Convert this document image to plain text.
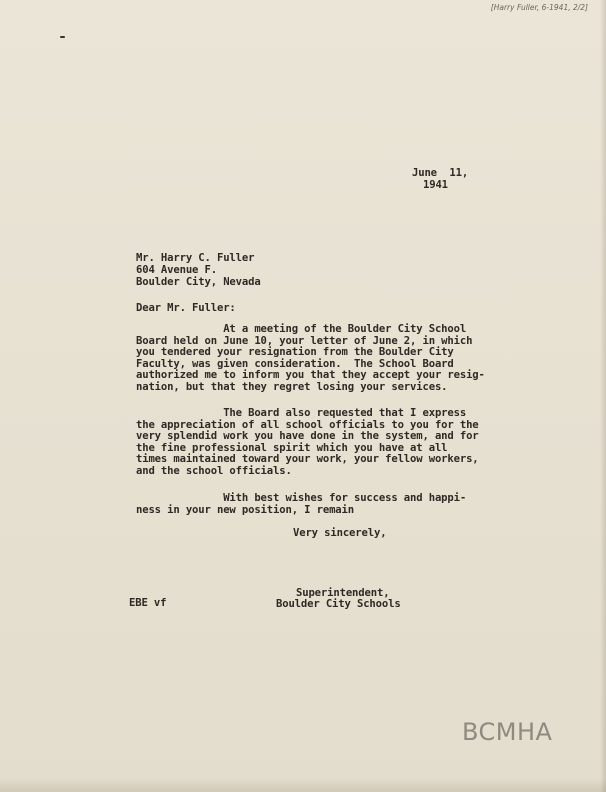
[Harry Fuller, 6-1941, 2/2]
June  11,
1941
Mr. Harry C. Fuller
604 Avenue F.
Boulder City, Nevada
Dear Mr. Fuller:
At a meeting of the Boulder City School
Board held on June 10, your letter of June 2, in which
you tendered your resignation from the Boulder City
Faculty, was given consideration.  The School Board
authorized me to inform you that they accept your resig-
nation, but that they regret losing your services.
The Board also requested that I express
the appreciation of all school officials to you for the
very splendid work you have done in the system, and for
the fine professional spirit which you have at all
times maintained toward your work, your fellow workers,
and the school officials.
With best wishes for success and happi-
ness in your new position, I remain
Very sincerely,
Superintendent,
Boulder City Schools
EBE vf
BCMHA
